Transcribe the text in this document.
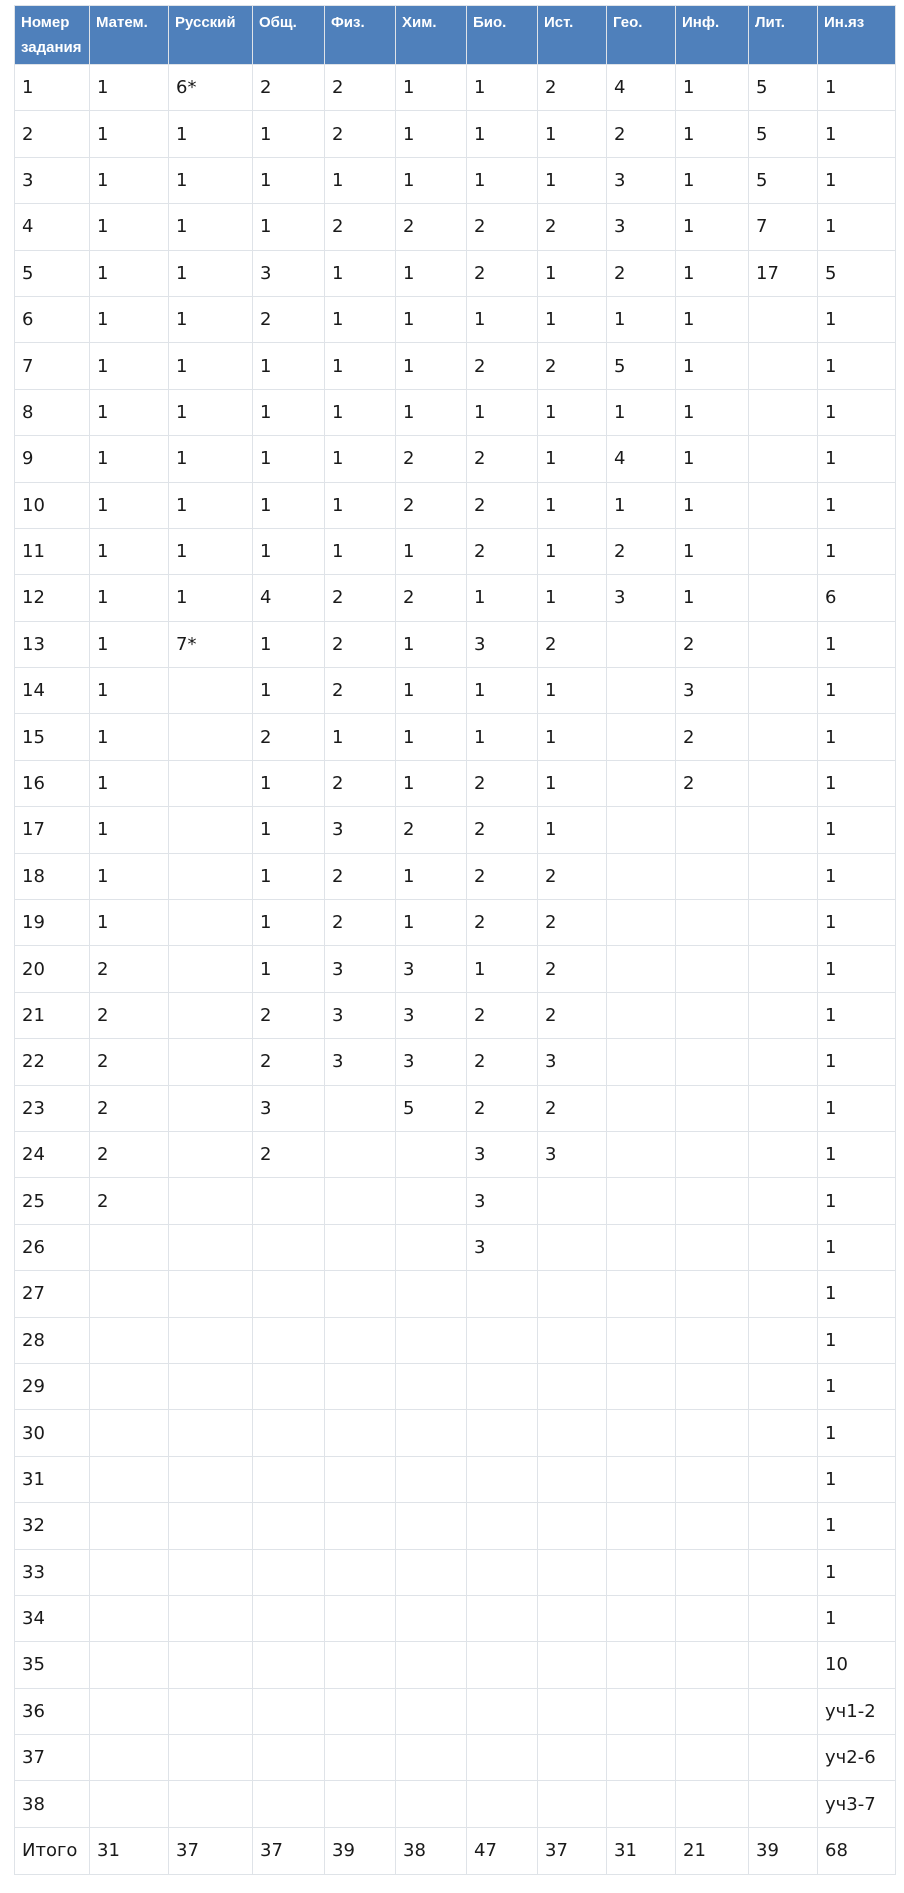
Номер задания	Матем.	Русский	Общ.	Физ.	Хим.	Био.	Ист.	Гео.	Инф.	Лит.	Ин.яз
1	1	6*	2	2	1	1	2	4	1	5	1
2	1	1	1	2	1	1	1	2	1	5	1
3	1	1	1	1	1	1	1	3	1	5	1
4	1	1	1	2	2	2	2	3	1	7	1
5	1	1	3	1	1	2	1	2	1	17	5
6	1	1	2	1	1	1	1	1	1		1
7	1	1	1	1	1	2	2	5	1		1
8	1	1	1	1	1	1	1	1	1		1
9	1	1	1	1	2	2	1	4	1		1
10	1	1	1	1	2	2	1	1	1		1
11	1	1	1	1	1	2	1	2	1		1
12	1	1	4	2	2	1	1	3	1		6
13	1	7*	1	2	1	3	2		2		1
14	1		1	2	1	1	1		3		1
15	1		2	1	1	1	1		2		1
16	1		1	2	1	2	1		2		1
17	1		1	3	2	2	1				1
18	1		1	2	1	2	2				1
19	1		1	2	1	2	2				1
20	2		1	3	3	1	2				1
21	2		2	3	3	2	2				1
22	2		2	3	3	2	3				1
23	2		3		5	2	2				1
24	2		2			3	3				1
25	2					3					1
26						3					1
27											1
28											1
29											1
30											1
31											1
32											1
33											1
34											1
35											10
36											уч1-2
37											уч2-6
38											уч3-7
Итого	31	37	37	39	38	47	37	31	21	39	68
